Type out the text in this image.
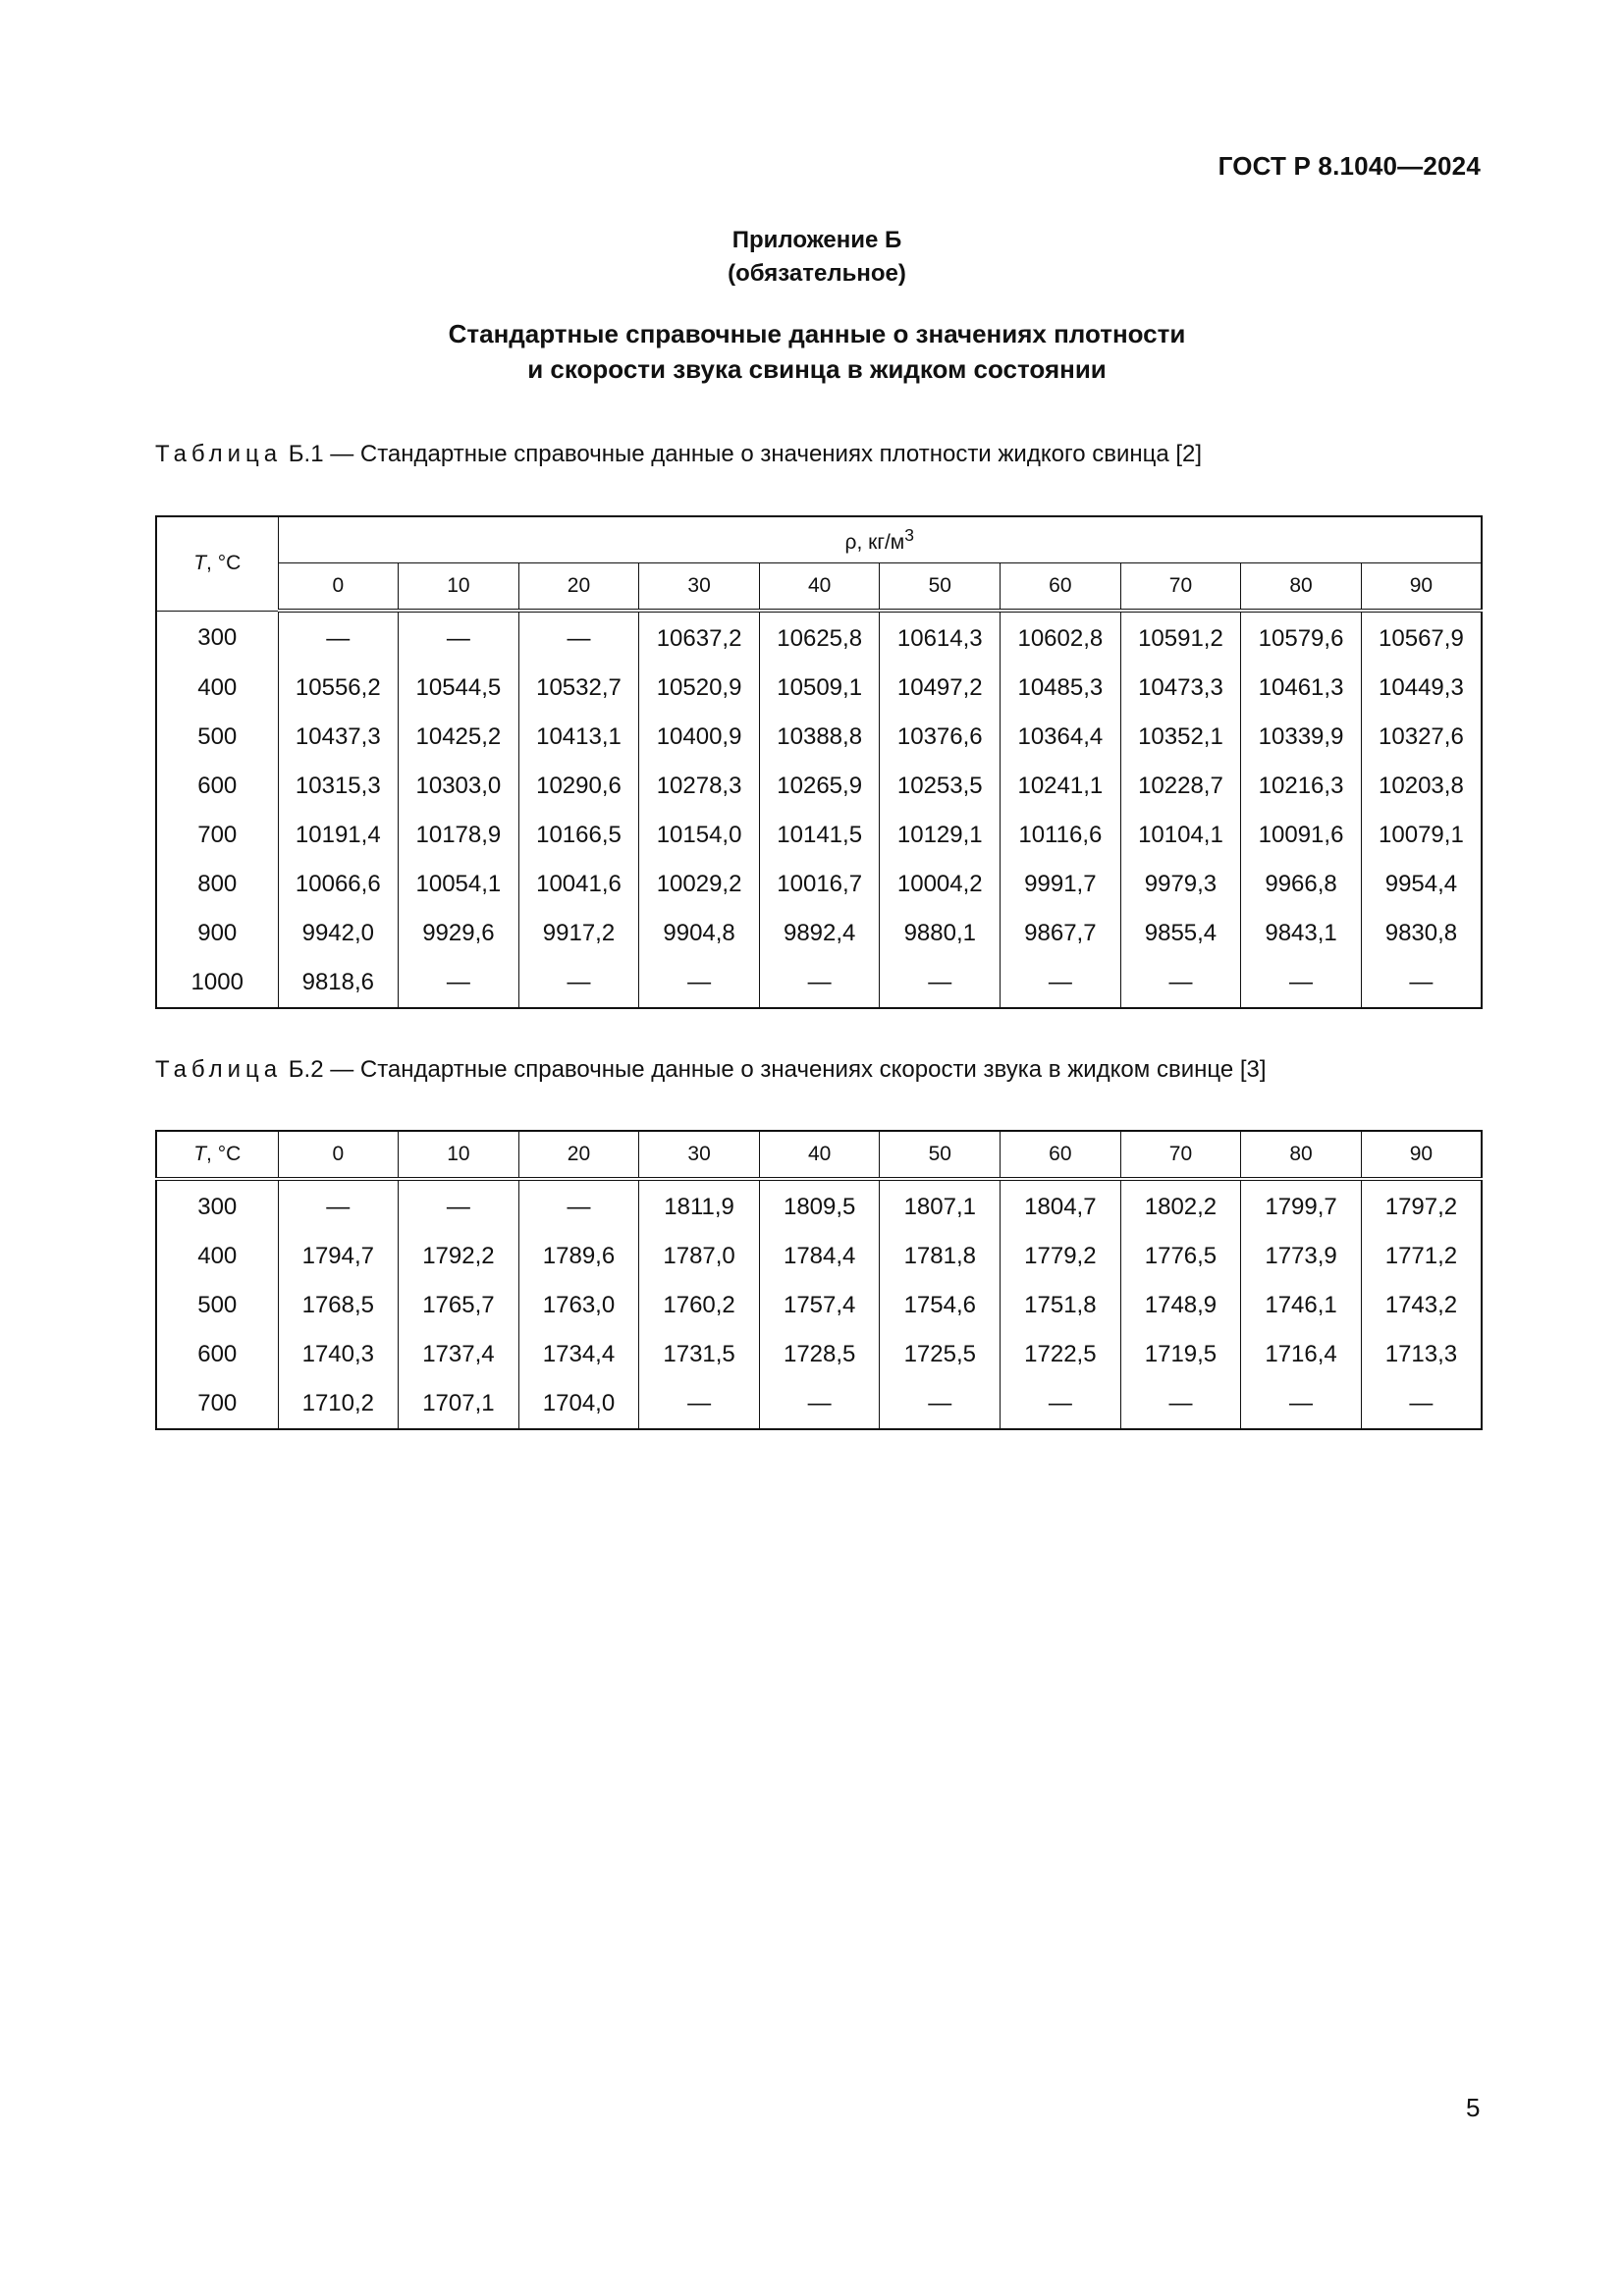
ГОСТ Р 8.1040—2024
Приложение Б
(обязательное)
Стандартные справочные данные о значениях плотности
и скорости звука свинца в жидком состоянии
Таблица Б.1 — Стандартные справочные данные о значениях плотности жидкого свинца [2]
T, °C	ρ, $кг/м^3$
	0	10	20	30	40	50	60	70	80	90
300	—	—	—	10637,2	10625,8	10614,3	10602,8	10591,2	10579,6	10567,9
400	10556,2	10544,5	10532,7	10520,9	10509,1	10497,2	10485,3	10473,3	10461,3	10449,3
500	10437,3	10425,2	10413,1	10400,9	10388,8	10376,6	10364,4	10352,1	10339,9	10327,6
600	10315,3	10303,0	10290,6	10278,3	10265,9	10253,5	10241,1	10228,7	10216,3	10203,8
700	10191,4	10178,9	10166,5	10154,0	10141,5	10129,1	10116,6	10104,1	10091,6	10079,1
800	10066,6	10054,1	10041,6	10029,2	10016,7	10004,2	9991,7	9979,3	9966,8	9954,4
900	9942,0	9929,6	9917,2	9904,8	9892,4	9880,1	9867,7	9855,4	9843,1	9830,8
1000	9818,6	—	—	—	—	—	—	—	—	—
Таблица Б.2 — Стандартные справочные данные о значениях скорости звука в жидком свинце [3]
T, °C	0	10	20	30	40	50	60	70	80	90
300	—	—	—	1811,9	1809,5	1807,1	1804,7	1802,2	1799,7	1797,2
400	1794,7	1792,2	1789,6	1787,0	1784,4	1781,8	1779,2	1776,5	1773,9	1771,2
500	1768,5	1765,7	1763,0	1760,2	1757,4	1754,6	1751,8	1748,9	1746,1	1743,2
600	1740,3	1737,4	1734,4	1731,5	1728,5	1725,5	1722,5	1719,5	1716,4	1713,3
700	1710,2	1707,1	1704,0	—	—	—	—	—	—	—
5
